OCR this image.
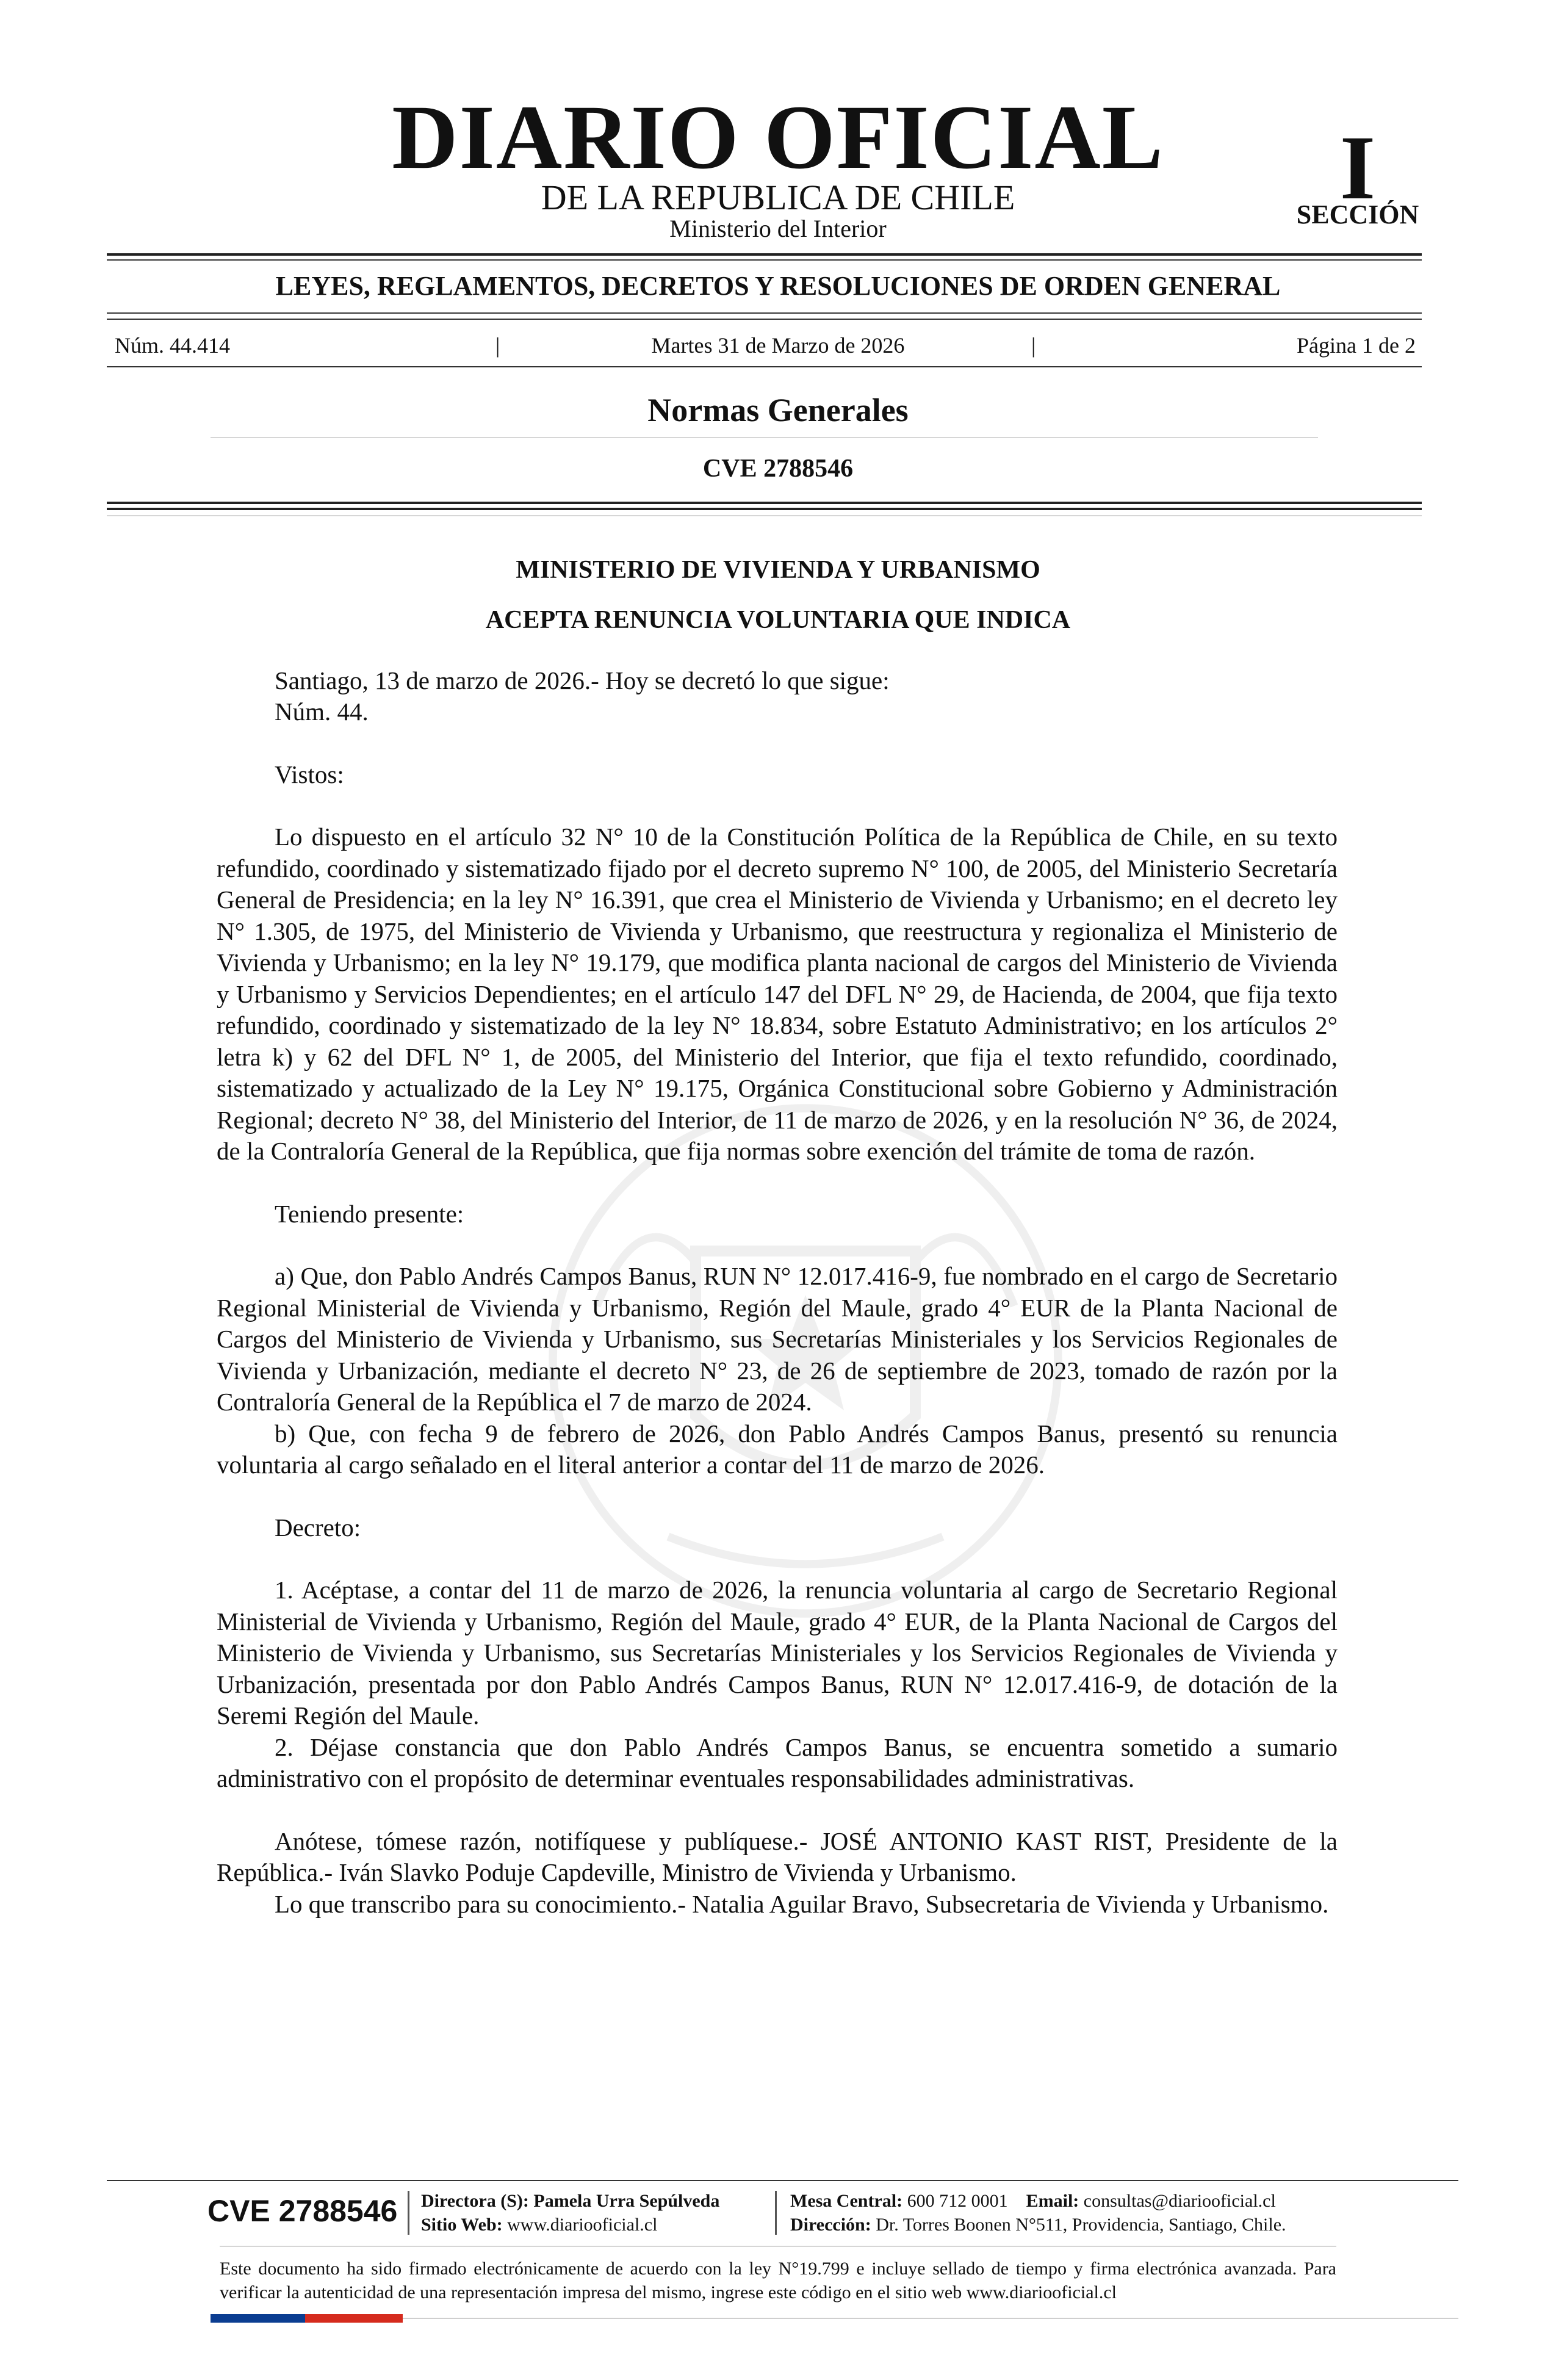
DIARIO OFICIAL
DE LA REPUBLICA DE CHILE
Ministerio del Interior
I
SECCIÓN
LEYES, REGLAMENTOS, DECRETOS Y RESOLUCIONES DE ORDEN GENERAL
Núm. 44.414	|	Martes 31 de Marzo de 2026	|	Página 1 de 2
Normas Generales
CVE 2788546
MINISTERIO DE VIVIENDA Y URBANISMO
ACEPTA RENUNCIA VOLUNTARIA QUE INDICA
Santiago, 13 de marzo de 2026.- Hoy se decretó lo que sigue:
Núm. 44.
Vistos:

Lo dispuesto en el artículo 32 N° 10 de la Constitución Política de la República de Chile, en su texto refundido, coordinado y sistematizado fijado por el decreto supremo N° 100, de 2005, del Ministerio Secretaría General de Presidencia; en la ley N° 16.391, que crea el Ministerio de Vivienda y Urbanismo; en el decreto ley N° 1.305, de 1975, del Ministerio de Vivienda y Urbanismo, que reestructura y regionaliza el Ministerio de Vivienda y Urbanismo; en la ley N° 19.179, que modifica planta nacional de cargos del Ministerio de Vivienda y Urbanismo y Servicios Dependientes; en el artículo 147 del DFL N° 29, de Hacienda, de 2004, que fija texto refundido, coordinado y sistematizado de la ley N° 18.834, sobre Estatuto Administrativo; en los artículos 2° letra k) y 62 del DFL N° 1, de 2005, del Ministerio del Interior, que fija el texto refundido, coordinado, sistematizado y actualizado de la Ley N° 19.175, Orgánica Constitucional sobre Gobierno y Administración Regional; decreto N° 38, del Ministerio del Interior, de 11 de marzo de 2026, y en la resolución N° 36, de 2024, de la Contraloría General de la República, que fija normas sobre exención del trámite de toma de razón.

Teniendo presente:

a) Que, don Pablo Andrés Campos Banus, RUN N° 12.017.416-9, fue nombrado en el cargo de Secretario Regional Ministerial de Vivienda y Urbanismo, Región del Maule, grado 4° EUR de la Planta Nacional de Cargos del Ministerio de Vivienda y Urbanismo, sus Secretarías Ministeriales y los Servicios Regionales de Vivienda y Urbanización, mediante el decreto N° 23, de 26 de septiembre de 2023, tomado de razón por la Contraloría General de la República el 7 de marzo de 2024.

b) Que, con fecha 9 de febrero de 2026, don Pablo Andrés Campos Banus, presentó su renuncia voluntaria al cargo señalado en el literal anterior a contar del 11 de marzo de 2026.

Decreto:

1. Acéptase, a contar del 11 de marzo de 2026, la renuncia voluntaria al cargo de Secretario Regional Ministerial de Vivienda y Urbanismo, Región del Maule, grado 4° EUR, de la Planta Nacional de Cargos del Ministerio de Vivienda y Urbanismo, sus Secretarías Ministeriales y los Servicios Regionales de Vivienda y Urbanización, presentada por don Pablo Andrés Campos Banus, RUN N° 12.017.416-9, de dotación de la Seremi Región del Maule.

2. Déjase constancia que don Pablo Andrés Campos Banus, se encuentra sometido a sumario administrativo con el propósito de determinar eventuales responsabilidades administrativas.

Anótese, tómese razón, notifíquese y publíquese.- JOSÉ ANTONIO KAST RIST, Presidente de la República.- Iván Slavko Poduje Capdeville, Ministro de Vivienda y Urbanismo.

Lo que transcribo para su conocimiento.- Natalia Aguilar Bravo, Subsecretaria de Vivienda y Urbanismo.

CVE 2788546 Directora (S): Pamela Urra Sepúlveda
Sitio Web: www.diariooficial.cl
Mesa Central: 600 712 0001 Email: consultas@diariooficial.cl
Dirección: Dr. Torres Boonen N°511, Providencia, Santiago, Chile.
Este documento ha sido firmado electrónicamente de acuerdo con la ley N°19.799 e incluye sellado de tiempo y firma electrónica avanzada. Para verificar la autenticidad de una representación impresa del mismo, ingrese este código en el sitio web www.diariooficial.cl
